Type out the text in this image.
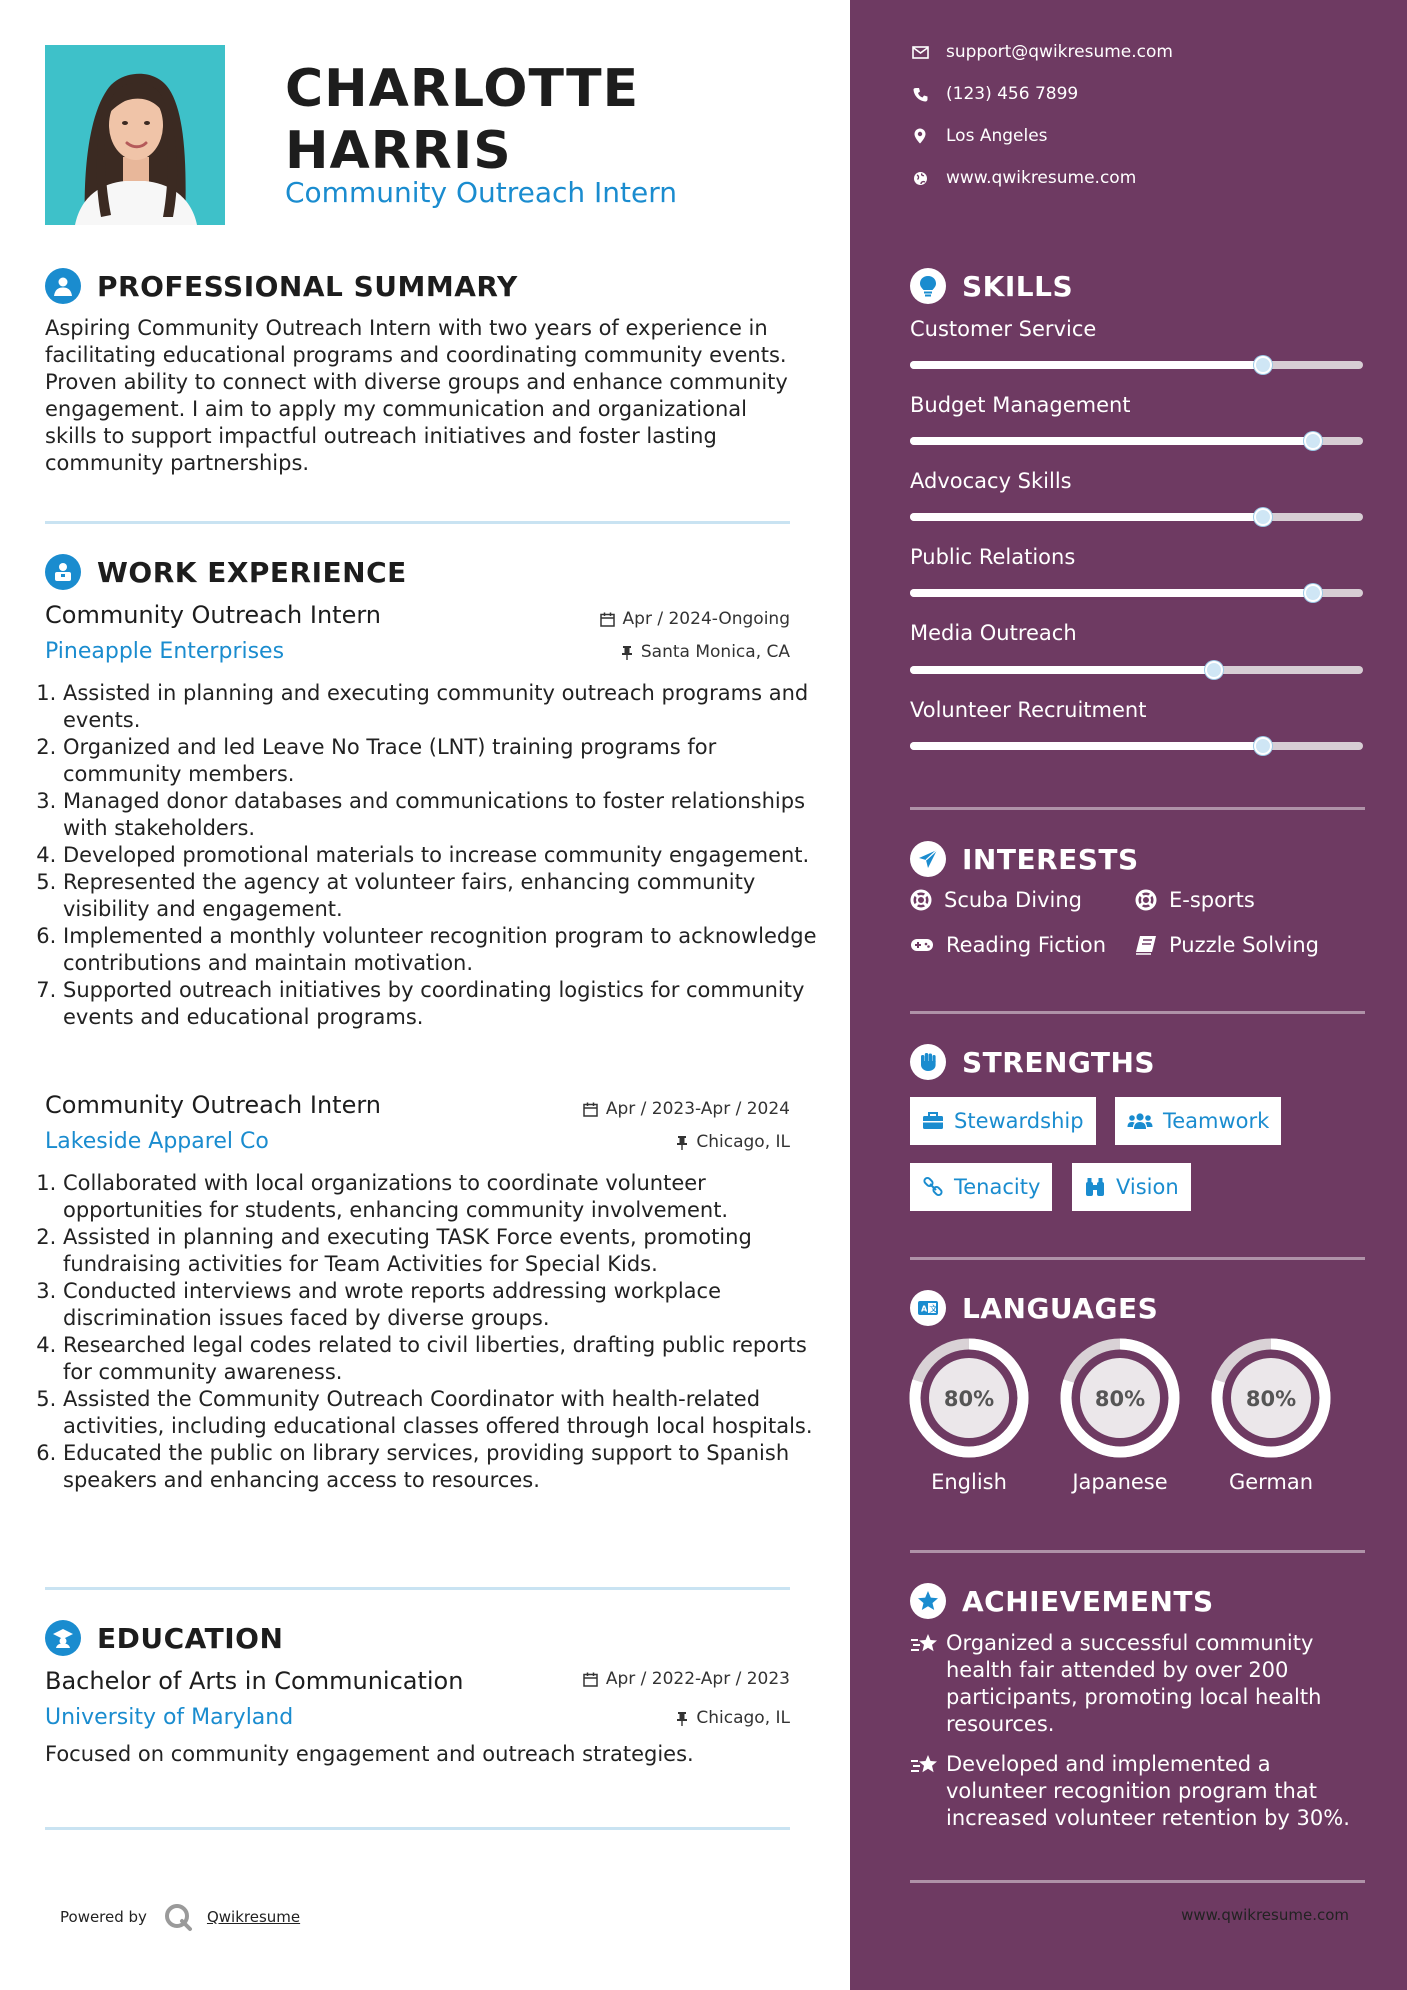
CHARLOTTE
HARRIS
Community Outreach Intern
PROFESSIONAL SUMMARY
Aspiring Community Outreach Intern with two years of experience in facilitating educational programs and coordinating community events. Proven ability to connect with diverse groups and enhance community engagement. I aim to apply my communication and organizational skills to support impactful outreach initiatives and foster lasting community partnerships.
WORK EXPERIENCE
Community Outreach Intern	Apr / 2024-Ongoing
Pineapple Enterprises	Santa Monica, CA
1. Assisted in planning and executing community outreach programs and events.
2. Organized and led Leave No Trace (LNT) training programs for community members.
3. Managed donor databases and communications to foster relationships with stakeholders.
4. Developed promotional materials to increase community engagement.
5. Represented the agency at volunteer fairs, enhancing community visibility and engagement.
6. Implemented a monthly volunteer recognition program to acknowledge contributions and maintain motivation.
7. Supported outreach initiatives by coordinating logistics for community events and educational programs.
Community Outreach Intern	Apr / 2023-Apr / 2024
Lakeside Apparel Co	Chicago, IL
1. Collaborated with local organizations to coordinate volunteer opportunities for students, enhancing community involvement.
2. Assisted in planning and executing TASK Force events, promoting fundraising activities for Team Activities for Special Kids.
3. Conducted interviews and wrote reports addressing workplace discrimination issues faced by diverse groups.
4. Researched legal codes related to civil liberties, drafting public reports for community awareness.
5. Assisted the Community Outreach Coordinator with health-related activities, including educational classes offered through local hospitals.
6. Educated the public on library services, providing support to Spanish speakers and enhancing access to resources.
EDUCATION
Bachelor of Arts in Communication	Apr / 2022-Apr / 2023
University of Maryland	Chicago, IL
Focused on community engagement and outreach strategies.
Powered by	Qwikresume
support@qwikresume.com
(123) 456 7899
Los Angeles
www.qwikresume.com
SKILLS
Customer Service
Budget Management
Advocacy Skills
Public Relations
Media Outreach
Volunteer Recruitment
INTERESTS
Scuba Diving	E-sports
Reading Fiction	Puzzle Solving
STRENGTHS
Stewardship	Teamwork
Tenacity	Vision
A 文 LANGUAGES
80%
English
80%
Japanese
80%
German
ACHIEVEMENTS
Organized a successful community health fair attended by over 200 participants, promoting local health resources.
Developed and implemented a volunteer recognition program that increased volunteer retention by 30%.
www.qwikresume.com
